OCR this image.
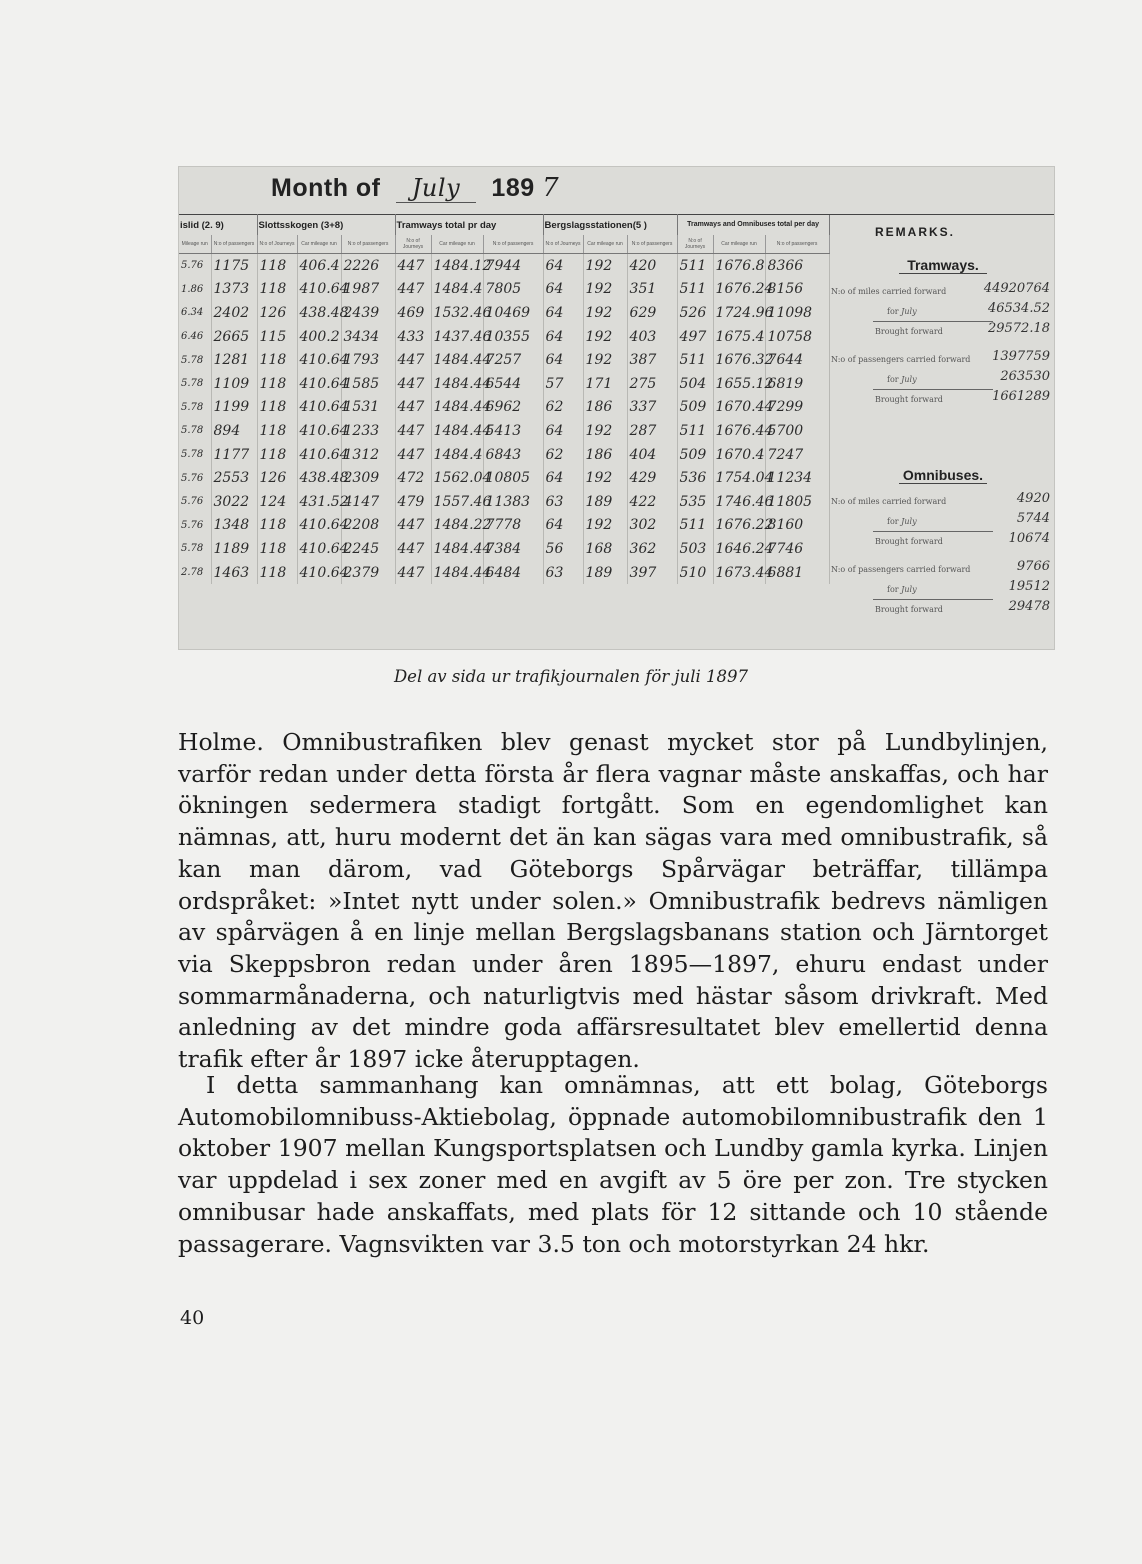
Month of July 189 7
islid (2. 9)		Slottsskogen (3+8)			Tramways total pr day			Bergslagsstationen(5 )			Tramways and Omnibuses total per day		
Mileage run	N:o of passengers	N:o of Journeys	Car mileage run	N:o of passengers	N:o of Journeys	Car mileage run	N:o of passengers	N:o of Journeys	Car mileage run	N:o of passengers	N:o of Journeys	Car mileage run	N:o of passengers
5.76	1175	118	406.4	2226	447	1484.12	7944	64	192	420	511	1676.8	8366
1.86	1373	118	410.64	1987	447	1484.4	7805	64	192	351	511	1676.24	8156
6.34	2402	126	438.48	2439	469	1532.46	10469	64	192	629	526	1724.96	11098
6.46	2665	115	400.2	3434	433	1437.46	10355	64	192	403	497	1675.4	10758
5.78	1281	118	410.64	1793	447	1484.44	7257	64	192	387	511	1676.32	7644
5.78	1109	118	410.64	1585	447	1484.44	6544	57	171	275	504	1655.12	6819
5.78	1199	118	410.64	1531	447	1484.44	6962	62	186	337	509	1670.44	7299
5.78	894	118	410.64	1233	447	1484.44	5413	64	192	287	511	1676.44	5700
5.78	1177	118	410.64	1312	447	1484.4	6843	62	186	404	509	1670.4	7247
5.76	2553	126	438.48	2309	472	1562.04	10805	64	192	429	536	1754.04	11234
5.76	3022	124	431.52	4147	479	1557.46	11383	63	189	422	535	1746.46	11805
5.76	1348	118	410.64	2208	447	1484.22	7778	64	192	302	511	1676.22	8160
5.78	1189	118	410.64	2245	447	1484.44	7384	56	168	362	503	1646.24	7746
2.78	1463	118	410.64	2379	447	1484.44	6484	63	189	397	510	1673.44	6881
REMARKS.
Tramways.
N:o of miles carried forward	44920764
for July	46534.52
Brought forward	29572.18
N:o of passengers carried forward 1397759
for July	263530
Brought forward	1661289
Omnibuses.
N:o of miles carried forward	4920
for July	5744
Brought forward	10674
N:o of passengers carried forward	9766
for July	19512
Brought forward	29478
Del av sida ur trafikjournalen för juli 1897

Holme. Omnibustrafiken blev genast mycket stor på Lundbylinjen, varför redan under detta första år flera vagnar måste anskaffas, och har ökningen sedermera stadigt fortgått. Som en egendomlighet kan nämnas, att, huru modernt det än kan sägas vara med omnibustrafik, så kan man därom, vad Göteborgs Spårvägar beträffar, tillämpa ordspråket: »Intet nytt under solen.» Omnibustrafik bedrevs nämligen av spårvägen å en linje mellan Bergslagsbanans station och Järntorget via Skeppsbron redan under åren 1895—1897, ehuru endast under sommarmånaderna, och naturligtvis med hästar såsom drivkraft. Med anledning av det mindre goda affärsresultatet blev emellertid denna trafik efter år 1897 icke återupptagen.

I detta sammanhang kan omnämnas, att ett bolag, Göteborgs Automobilomnibuss-Aktiebolag, öppnade automobilomnibustrafik den 1 oktober 1907 mellan Kungsportsplatsen och Lundby gamla kyrka. Linjen var uppdelad i sex zoner med en avgift av 5 öre per zon. Tre stycken omnibusar hade anskaffats, med plats för 12 sittande och 10 stående passagerare. Vagnsvikten var 3.5 ton och motorstyrkan 24 hkr.

40
